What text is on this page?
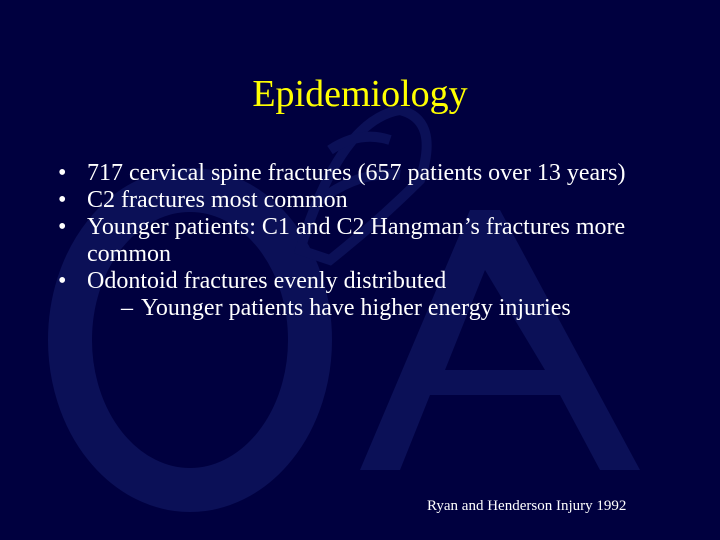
Epidemiology
• 717 cervical spine fractures (657 patients over 13 years)
• C2 fractures most common
• Younger patients: C1 and C2 Hangman’s fractures more common
• Odontoid fractures evenly distributed
– Younger patients have higher energy injuries
Ryan and Henderson Injury 1992
